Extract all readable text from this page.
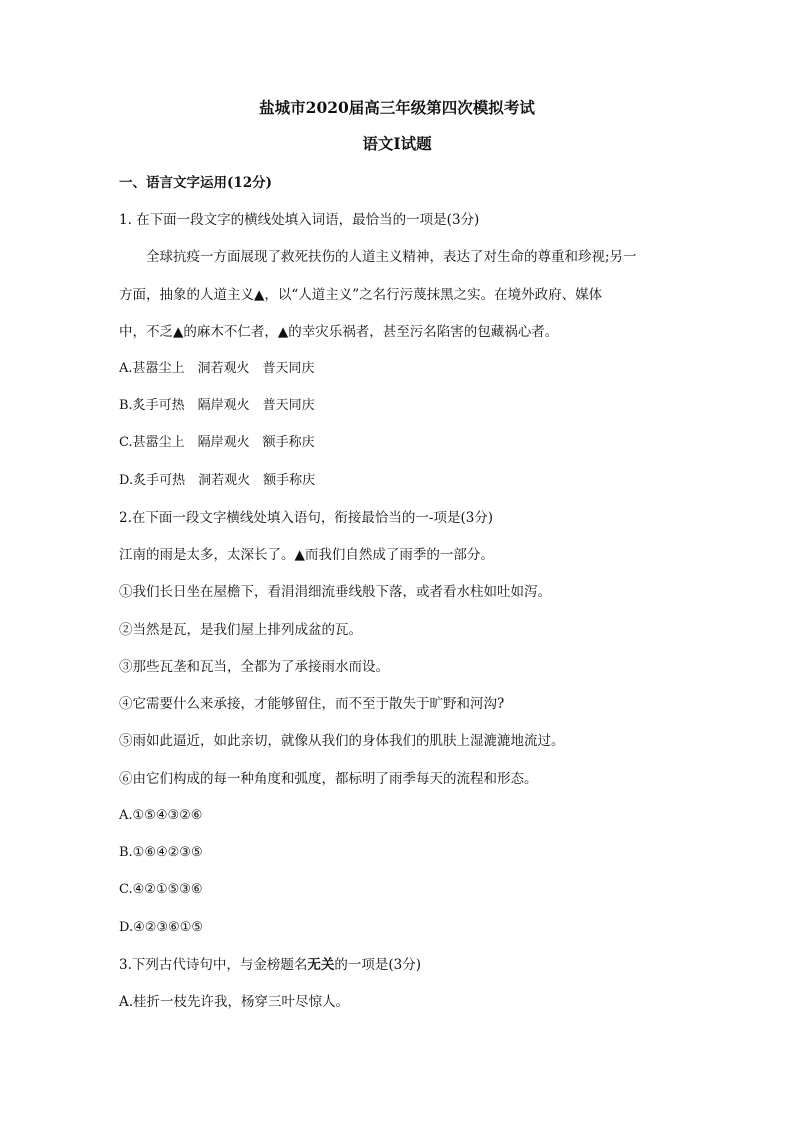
盐城市2020届高三年级第四次模拟考试
语文Ⅰ试题
一、语言文字运用(12分)
1. 在下面一段文字的横线处填入词语，最恰当的一项是(3分)
全球抗疫一方面展现了救死扶伤的人道主义精神，表达了对生命的尊重和珍视;另一
方面，抽象的人道主义▲，以“人道主义”之名行污蔑抹黑之实。在境外政府、媒体
中，不乏▲的麻木不仁者，▲的幸灾乐祸者，甚至污名陷害的包藏祸心者。
A.甚嚣尘上　洞若观火　普天同庆
B.炙手可热　隔岸观火　普天同庆
C.甚嚣尘上　隔岸观火　额手称庆
D.炙手可热　洞若观火　额手称庆
2.在下面一段文字横线处填入语句，衔接最恰当的一-项是(3分)
江南的雨是太多，太深长了。▲而我们自然成了雨季的一部分。
①我们长日坐在屋檐下，看涓涓细流垂线般下落，或者看水柱如吐如泻。
②当然是瓦，是我们屋上排列成盆的瓦。
③那些瓦垄和瓦当，全都为了承接雨水而设。
④它需要什么来承接，才能够留住，而不至于散失于旷野和河沟?
⑤雨如此逼近，如此亲切，就像从我们的身体我们的肌肤上湿漉漉地流过。
⑥由它们构成的每一种角度和弧度，都标明了雨季每天的流程和形态。
A.①⑤④③②⑥
B.①⑥④②③⑤
C.④②①⑤③⑥
D.④②③⑥①⑤
3.下列古代诗句中，与金榜题名无关的一项是(3分)
A.桂折一枝先许我，杨穿三叶尽惊人。
